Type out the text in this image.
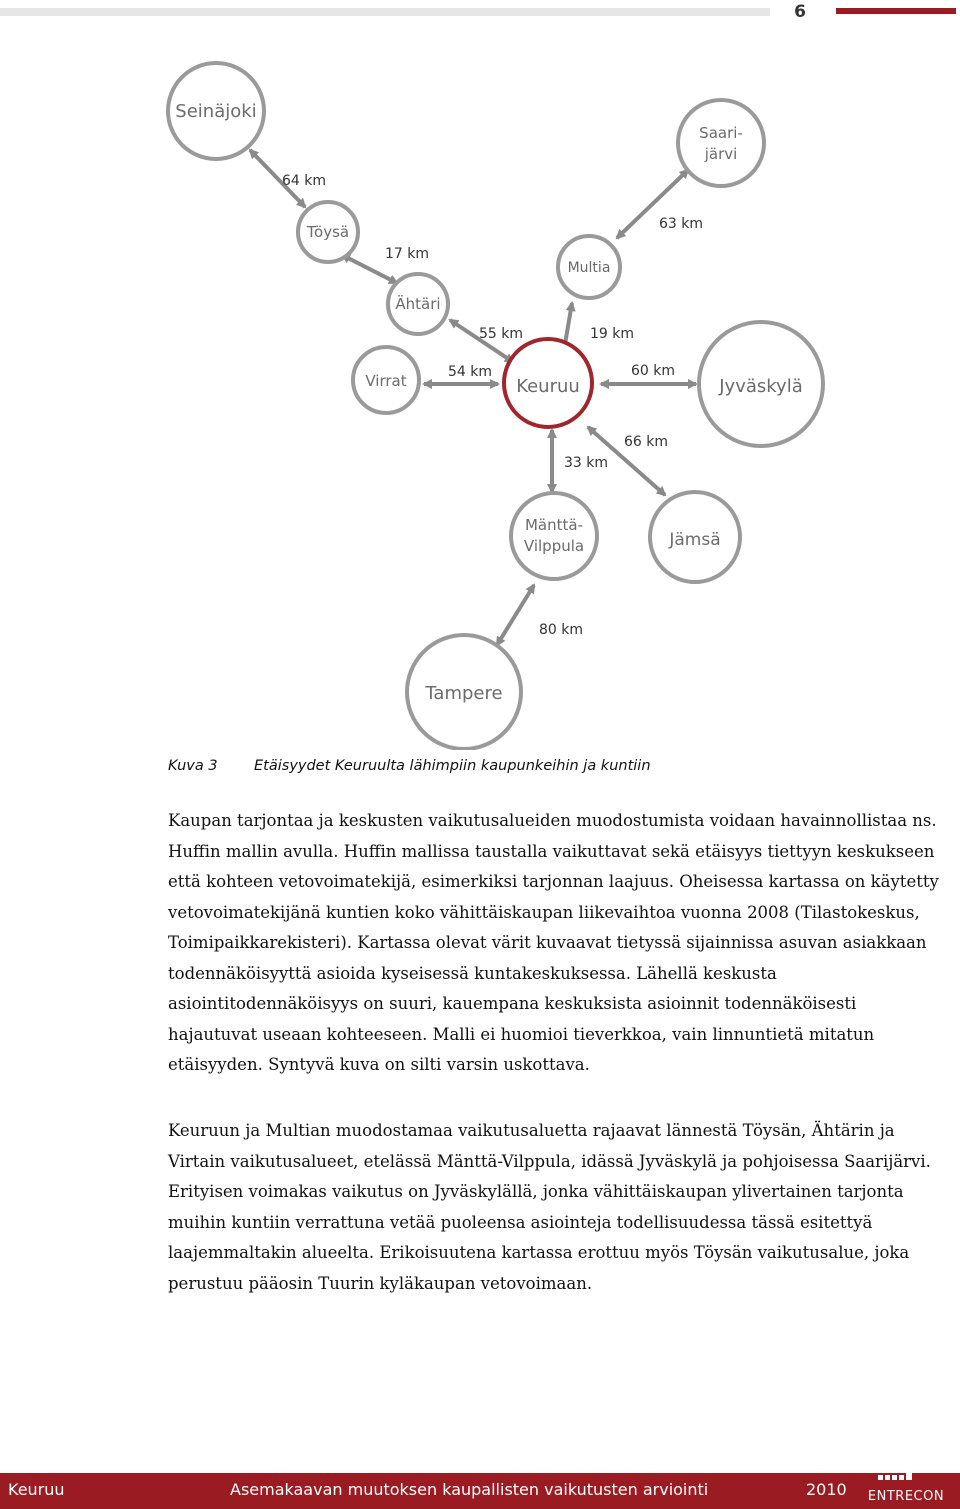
6
Seinäjoki
Saari-
järvi
Töysä
Multia
Ähtäri
Virrat	Keuruu	Jyväskylä
Mänttä-
Vilppula	Jämsä
Tampere
64 km
63 km
17 km
55 km	19 km
54 km	60 km
33 km
66 km
80 km
Kuva 3	Etäisyydet Keuruulta lähimpiin kaupunkeihin ja kuntiin

Kaupan tarjontaa ja keskusten vaikutusalueiden muodostumista voidaan havainnollistaa ns.
Huffin mallin avulla. Huffin mallissa taustalla vaikuttavat sekä etäisyys tiettyyn keskukseen
että kohteen vetovoimatekijä, esimerkiksi tarjonnan laajuus. Oheisessa kartassa on käytetty
vetovoimatekijänä kuntien koko vähittäiskaupan liikevaihtoa vuonna 2008 (Tilastokeskus,
Toimipaikkarekisteri). Kartassa olevat värit kuvaavat tietyssä sijainnissa asuvan asiakkaan
todennäköisyyttä asioida kyseisessä kuntakeskuksessa. Lähellä keskusta
asiointitodennäköisyys on suuri, kauempana keskuksista asioinnit todennäköisesti
hajautuvat useaan kohteeseen. Malli ei huomioi tieverkkoa, vain linnuntietä mitatun
etäisyyden. Syntyvä kuva on silti varsin uskottava.

Keuruun ja Multian muodostamaa vaikutusaluetta rajaavat lännestä Töysän, Ähtärin ja
Virtain vaikutusalueet, etelässä Mänttä-Vilppula, idässä Jyväskylä ja pohjoisessa Saarijärvi.
Erityisen voimakas vaikutus on Jyväskylällä, jonka vähittäiskaupan ylivertainen tarjonta
muihin kuntiin verrattuna vetää puoleensa asiointeja todellisuudessa tässä esitettyä
laajemmaltakin alueelta. Erikoisuutena kartassa erottuu myös Töysän vaikutusalue, joka
perustuu pääosin Tuurin kyläkaupan vetovoimaan.

Keuruu	Asemakaavan muutoksen kaupallisten vaikutusten arviointi	2010	ENTRECON
